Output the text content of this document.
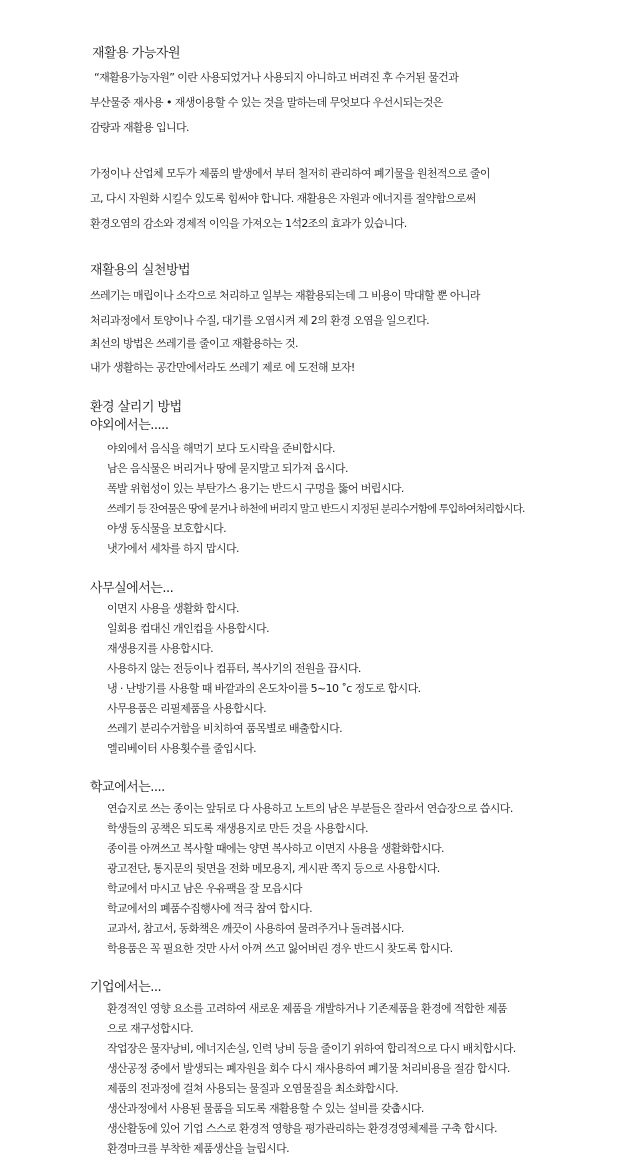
재활용 가능자원
“재활용가능자원” 이란 사용되었거나 사용되지 아니하고 버려진 후 수거된 물건과
부산물중 재사용 • 재생이용할 수 있는 것을 말하는데 무엇보다 우선시되는것은
감량과 재활용 입니다.
가정이나 산업체 모두가 제품의 발생에서 부터 철저히 관리하여 폐기물을 원천적으로 줄이
고, 다시 자원화 시킬수 있도록 힘써야 합니다. 재활용은 자원과 에너지를 절약함으로써
환경오염의 감소와 경제적 이익을 가져오는 1석2조의 효과가 있습니다.
재활용의 실천방법
쓰레기는 매립이나 소각으로 처리하고 일부는 재활용되는데 그 비용이 막대할 뿐 아니라
처리과정에서 토양이나 수질, 대기를 오염시켜 제 2의 환경 오염을 일으킨다.
최선의 방법은 쓰레기를 줄이고 재활용하는 것.
내가 생활하는 공간만에서라도 쓰레기 제로 에 도전해 보자!
환경 살리기 방법
야외에서는.....
야외에서 음식을 해먹기 보다 도시락을 준비합시다.
남은 음식물은 버리거나 땅에 묻지말고 되가져 옵시다.
폭발 위험성이 있는 부탄가스 용기는 반드시 구멍을 뚫어 버립시다.
쓰레기 등 잔여물은 땅에 묻거나 하천에 버리지 말고 반드시 지정된 분리수거함에 투입하여처리합시다.
야생 동식물을 보호합시다.
냇가에서 세차를 하지 맙시다.
사무실에서는...
이면지 사용을 생활화 합시다.
일회용 컵대신 개인컵을 사용합시다.
재생용지를 사용합시다.
사용하지 않는 전등이나 컴퓨터, 복사기의 전원을 끕시다.
냉 · 난방기를 사용할 때 바깥과의 온도차이를 5~10 ˚c 정도로 합시다.
사무용품은 리필제품을 사용합시다.
쓰레기 분리수거함을 비치하여 품목별로 배출합시다.
엘리베이터 사용횟수를 줄입시다.
학교에서는....
연습지로 쓰는 종이는 앞뒤로 다 사용하고 노트의 남은 부분들은 잘라서 연습장으로 씁시다.
학생들의 공책은 되도록 재생용지로 만든 것을 사용합시다.
종이를 아껴쓰고 복사할 때에는 양면 복사하고 이면지 사용을 생활화합시다.
광고전단, 통지문의 뒷면을 전화 메모용지, 게시판 쪽지 등으로 사용합시다.
학교에서 마시고 남은 우유팩을 잘 모읍시다
학교에서의 폐품수집행사에 적극 참여 합시다.
교과서, 참고서, 동화책은 깨끗이 사용하여 물려주거나 돌려봅시다.
학용품은 꼭 필요한 것만 사서 아껴 쓰고 잃어버린 경우 반드시 찾도록 합시다.
기업에서는...
환경적인 영향 요소를 고려하여 새로운 제품을 개발하거나 기존제품을 환경에 적합한 제품
으로 재구성합시다.
작업장은 물자낭비, 에너지손실, 인력 낭비 등을 줄이기 위하여 합리적으로 다시 배치합시다.
생산공정 중에서 발생되는 폐자원을 회수 다시 재사용하여 폐기물 처리비용을 절감 합시다.
제품의 전과정에 걸쳐 사용되는 물질과 오염물질을 최소화합시다.
생산과정에서 사용된 물품을 되도록 재활용할 수 있는 설비를 갖춥시다.
생산활동에 있어 기업 스스로 환경적 영향을 평가관리하는 환경경영체제를 구축 합시다.
환경마크를 부착한 제품생산을 늘립시다.
